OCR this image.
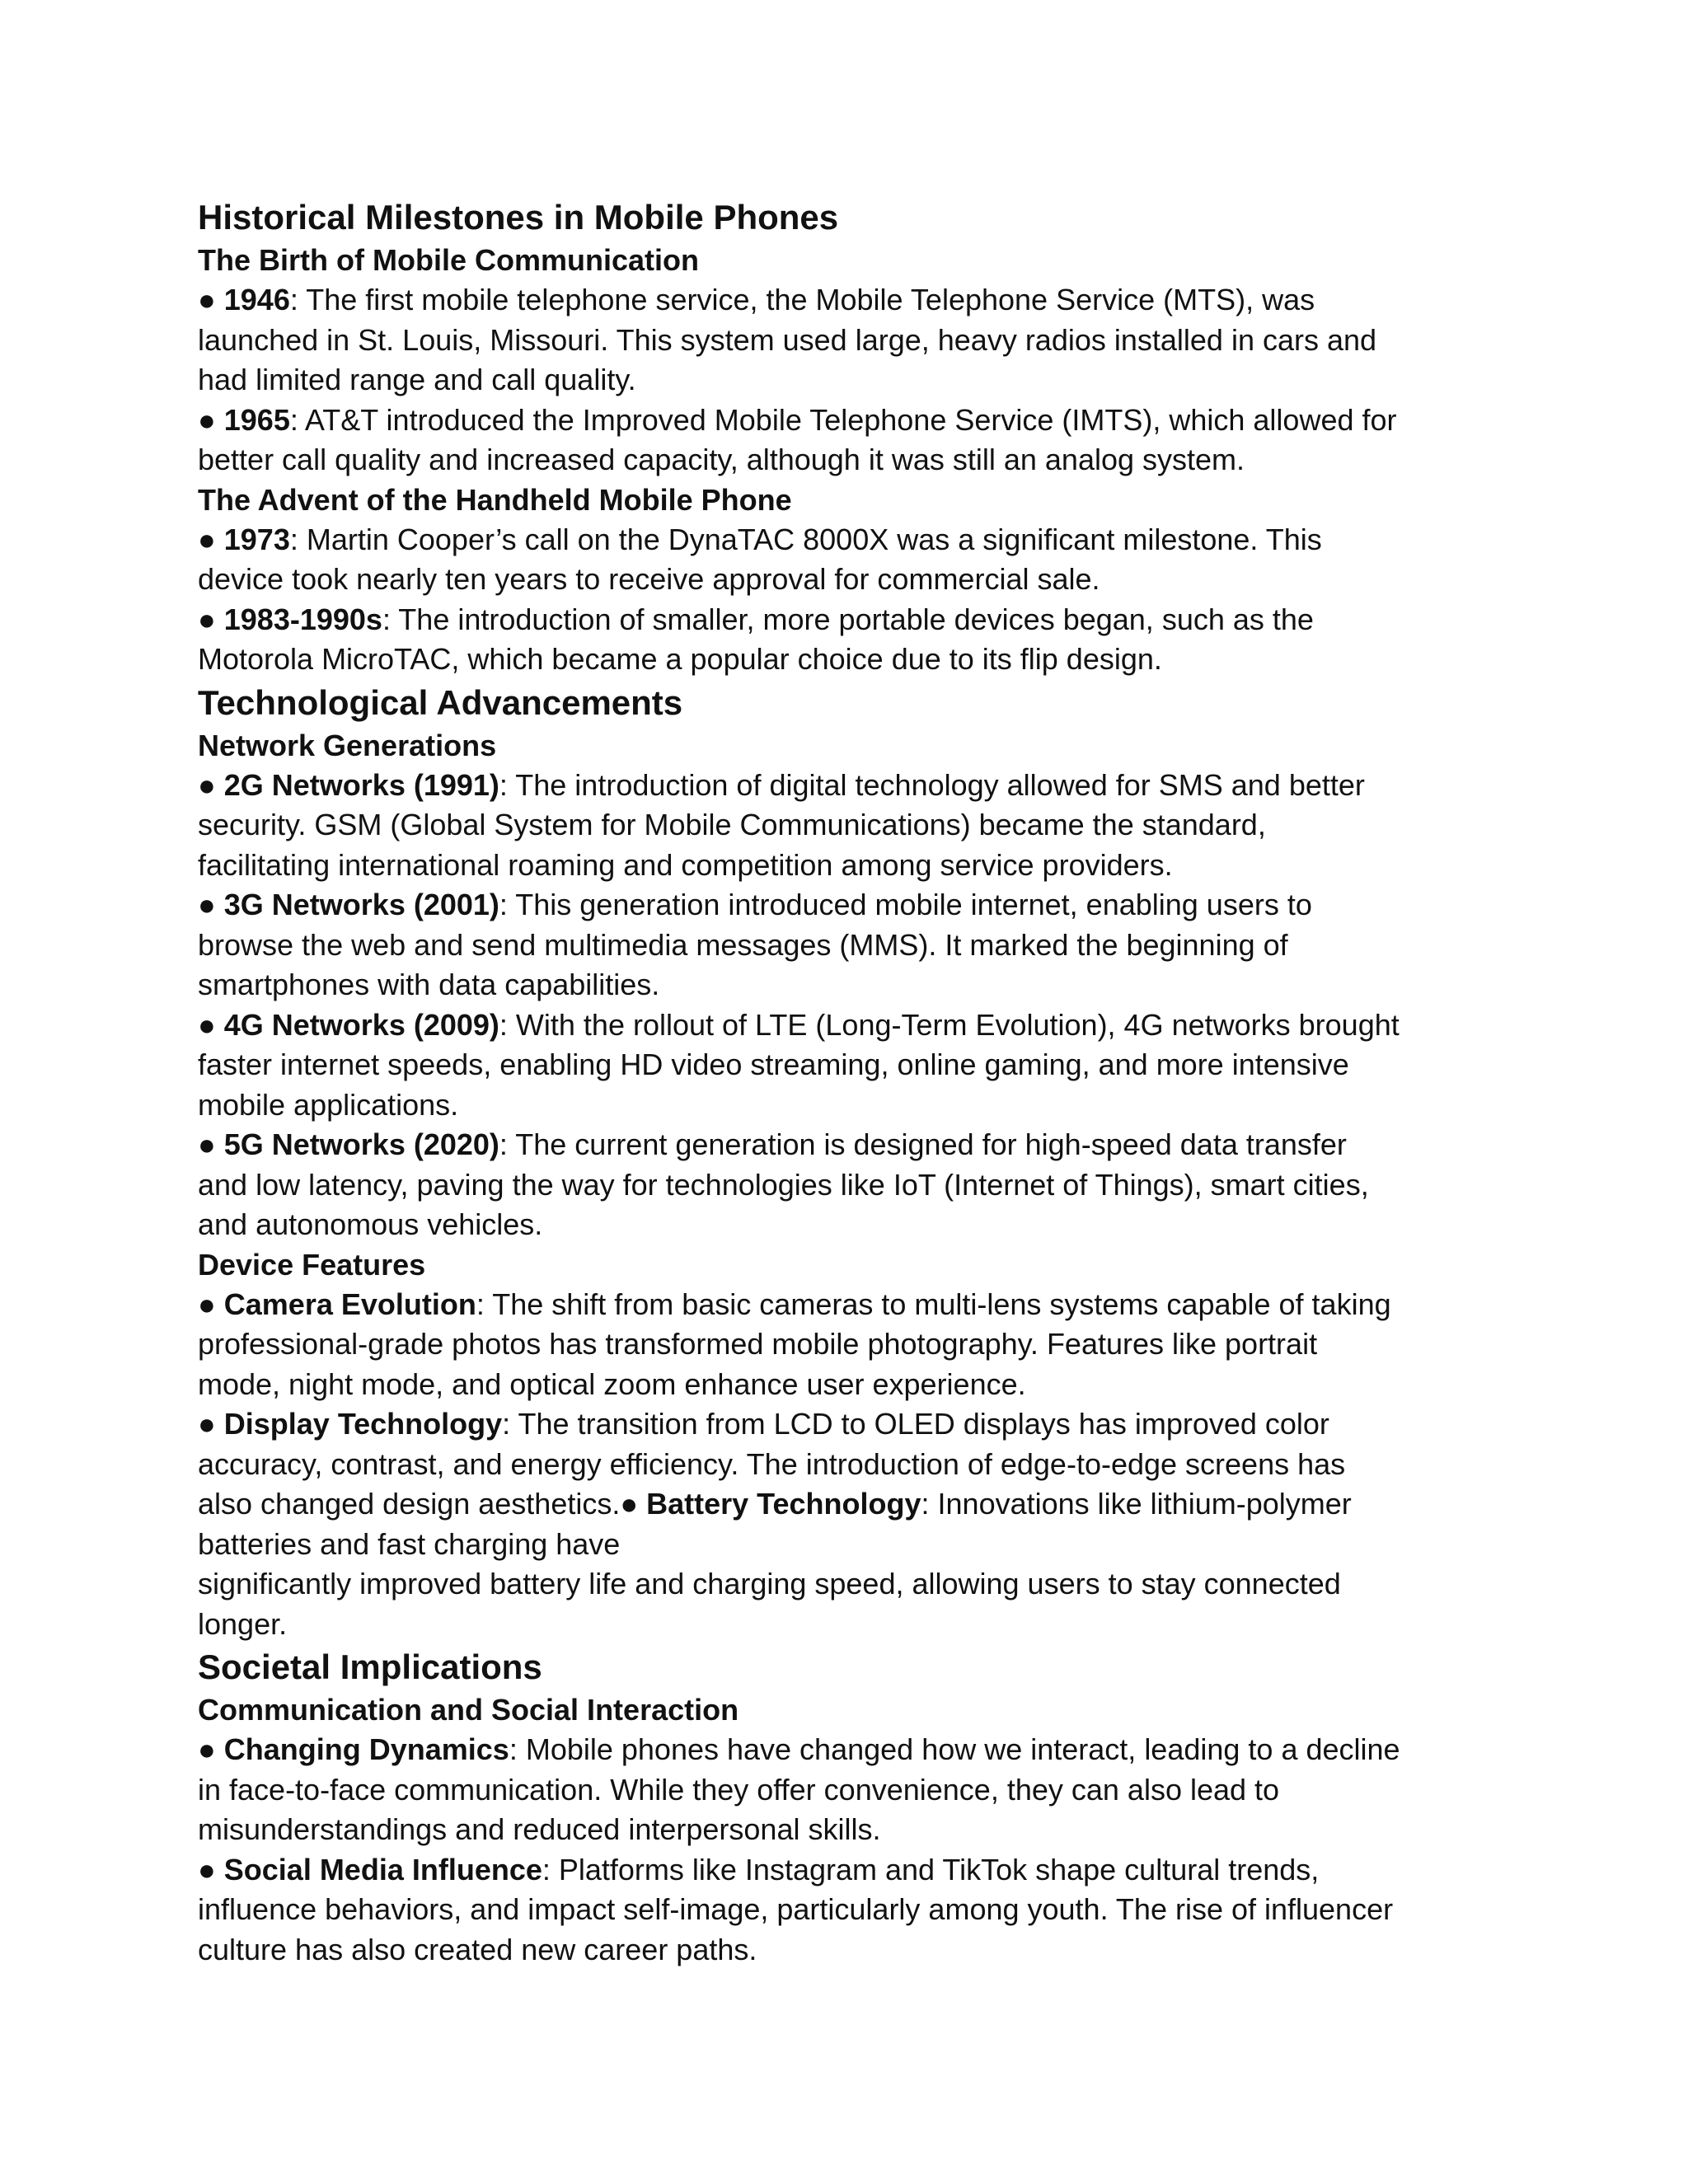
Historical Milestones in Mobile Phones
The Birth of Mobile Communication

● 1946: The first mobile telephone service, the Mobile Telephone Service (MTS), was launched in St. Louis, Missouri. This system used large, heavy radios installed in cars and had limited range and call quality.

● 1965: AT&T introduced the Improved Mobile Telephone Service (IMTS), which allowed for better call quality and increased capacity, although it was still an analog system.

The Advent of the Handheld Mobile Phone

● 1973: Martin Cooper’s call on the DynaTAC 8000X was a significant milestone. This device took nearly ten years to receive approval for commercial sale.

● 1983-1990s: The introduction of smaller, more portable devices began, such as the Motorola MicroTAC, which became a popular choice due to its flip design.

Technological Advancements
Network Generations

● 2G Networks (1991): The introduction of digital technology allowed for SMS and better security. GSM (Global System for Mobile Communications) became the standard, facilitating international roaming and competition among service providers.

● 3G Networks (2001): This generation introduced mobile internet, enabling users to browse the web and send multimedia messages (MMS). It marked the beginning of smartphones with data capabilities.

● 4G Networks (2009): With the rollout of LTE (Long-Term Evolution), 4G networks brought faster internet speeds, enabling HD video streaming, online gaming, and more intensive mobile applications.

● 5G Networks (2020): The current generation is designed for high-speed data transfer and low latency, paving the way for technologies like IoT (Internet of Things), smart cities, and autonomous vehicles.

Device Features

● Camera Evolution: The shift from basic cameras to multi-lens systems capable of taking professional-grade photos has transformed mobile photography. Features like portrait mode, night mode, and optical zoom enhance user experience.

● Display Technology: The transition from LCD to OLED displays has improved color accuracy, contrast, and energy efficiency. The introduction of edge-to-edge screens has also changed design aesthetics.● Battery Technology: Innovations like lithium-polymer batteries and fast charging have

significantly improved battery life and charging speed, allowing users to stay connected longer.

Societal Implications
Communication and Social Interaction

● Changing Dynamics: Mobile phones have changed how we interact, leading to a decline in face-to-face communication. While they offer convenience, they can also lead to misunderstandings and reduced interpersonal skills.

● Social Media Influence: Platforms like Instagram and TikTok shape cultural trends, influence behaviors, and impact self-image, particularly among youth. The rise of influencer culture has also created new career paths.
